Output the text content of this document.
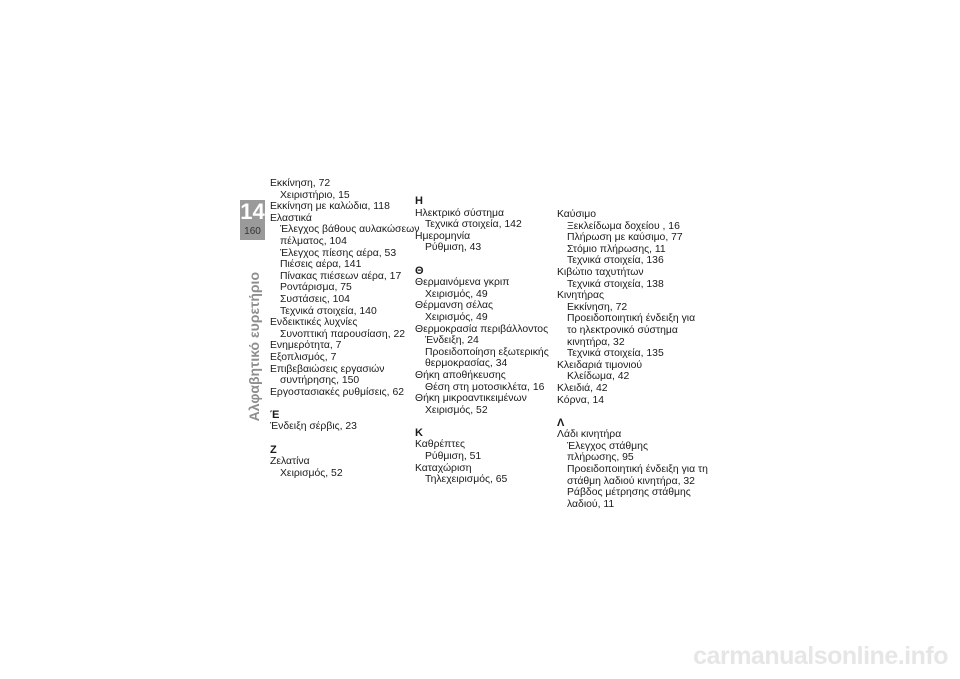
14
160
Αλφαβητικό ευρετήριο
Εκκίνηση, 72
Χειριστήριο, 15
Εκκίνηση με καλώδια, 118
Ελαστικά
Έλεγχος βάθους αυλακώσεων
πέλματος, 104
Έλεγχος πίεσης αέρα, 53
Πιέσεις αέρα, 141
Πίνακας πιέσεων αέρα, 17
Ροντάρισμα, 75
Συστάσεις, 104
Τεχνικά στοιχεία, 140
Ενδεικτικές λυχνίες
Συνοπτική παρουσίαση, 22
Ενημερότητα, 7
Εξοπλισμός, 7
Επιβεβαιώσεις εργασιών
συντήρησης, 150
Εργοστασιακές ρυθμίσεις, 62
Έ
Ένδειξη σέρβις, 23
Ζ
Ζελατίνα
Χειρισμός, 52
Η
Ηλεκτρικό σύστημα
Τεχνικά στοιχεία, 142
Ημερομηνία
Ρύθμιση, 43
Θ
Θερμαινόμενα γκριπ
Χειρισμός, 49
Θέρμανση σέλας
Χειρισμός, 49
Θερμοκρασία περιβάλλοντος
Ένδειξη, 24
Προειδοποίηση εξωτερικής
θερμοκρασίας, 34
Θήκη αποθήκευσης
Θέση στη μοτοσικλέτα, 16
Θήκη μικροαντικειμένων
Χειρισμός, 52
Κ
Καθρέπτες
Ρύθμιση, 51
Καταχώριση
Τηλεχειρισμός, 65
Καύσιμο
Ξεκλείδωμα δοχείου , 16
Πλήρωση με καύσιμο, 77
Στόμιο πλήρωσης, 11
Τεχνικά στοιχεία, 136
Κιβώτιο ταχυτήτων
Τεχνικά στοιχεία, 138
Κινητήρας
Εκκίνηση, 72
Προειδοποιητική ένδειξη για
το ηλεκτρονικό σύστημα
κινητήρα, 32
Τεχνικά στοιχεία, 135
Κλειδαριά τιμονιού
Κλείδωμα, 42
Κλειδιά, 42
Κόρνα, 14
Λ
Λάδι κινητήρα
Έλεγχος στάθμης
πλήρωσης, 95
Προειδοποιητική ένδειξη για τη
στάθμη λαδιού κινητήρα, 32
Ράβδος μέτρησης στάθμης
λαδιού, 11
carmanualsonline.info
